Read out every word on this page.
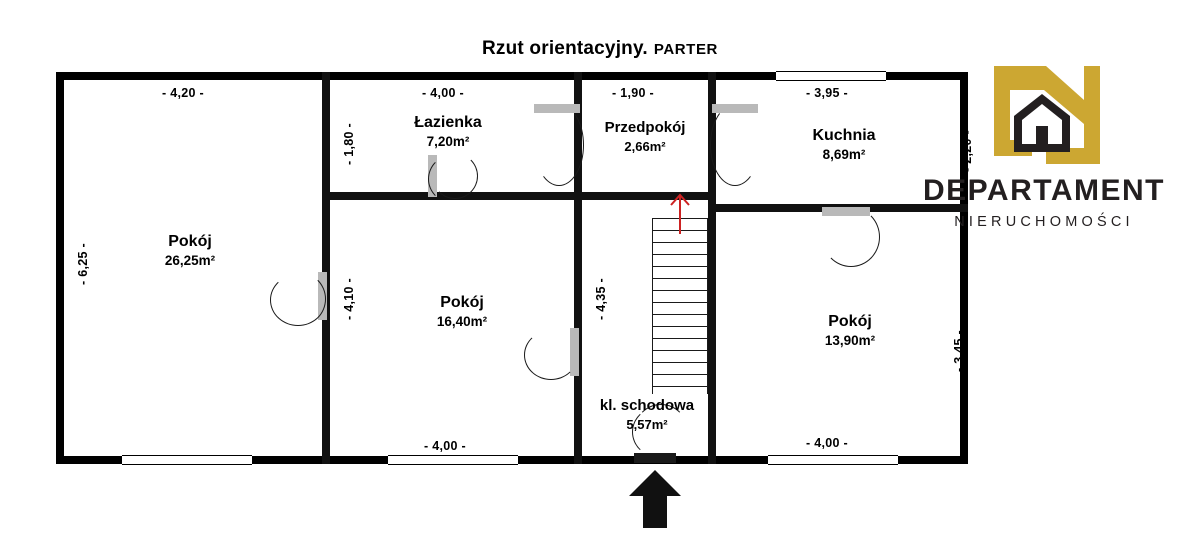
Rzut orientacyjny. PARTER
Pokój
26,25m²
Łazienka
7,20m²
Przedpokój
2,66m²
Kuchnia
8,69m²
Pokój
16,40m²	Pokój
13,90m²
kl. schodowa
5,57m²
- 4,20 -	- 4,00 -	- 1,90 -	- 3,95 -
- 6,25 -
- 1,80 -
- 4,10 -	- 4,35 -
- 2,20 -
- 3,45 -
- 4,00 -	- 4,00 -
DEPARTAMENT
NIERUCHOMOŚCI
